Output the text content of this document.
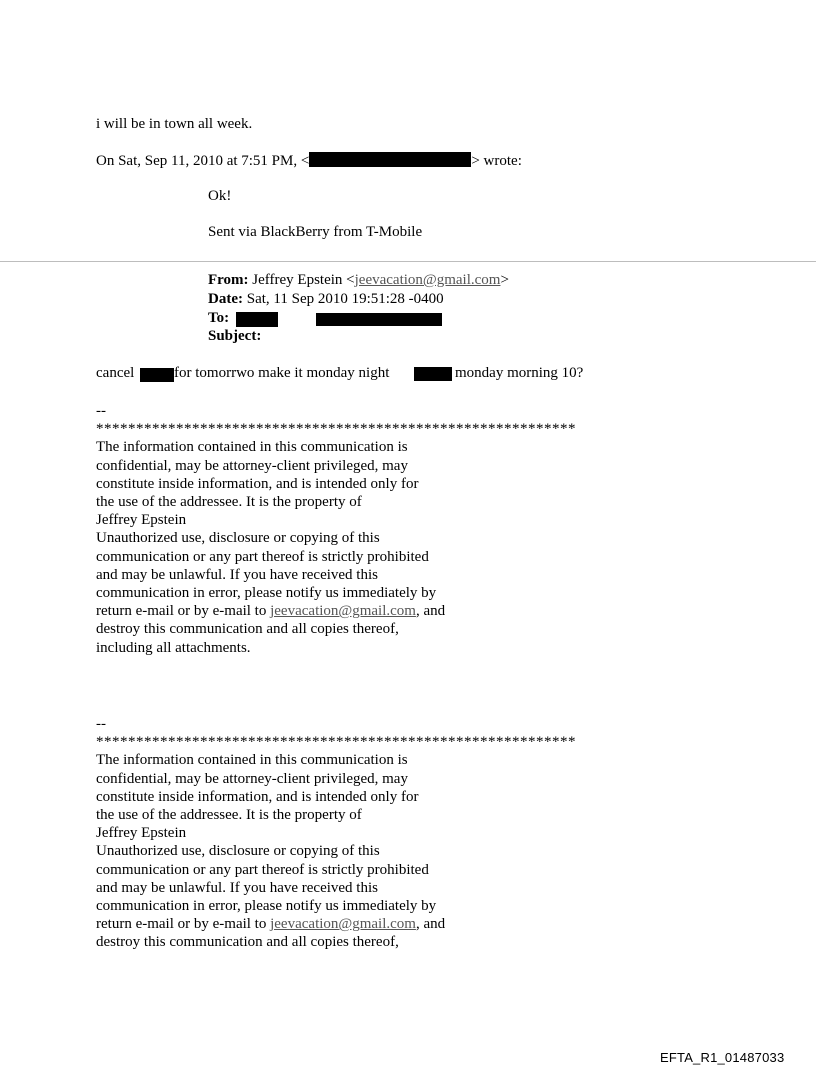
i will be in town all week.
On Sat, Sep 11, 2010 at 7:51 PM, <	> wrote:
Ok!
Sent via BlackBerry from T-Mobile
From: Jeffrey Epstein <jeevacation@gmail.com>
Date: Sat, 11 Sep 2010 19:51:28 -0400
To:
Subject:
cancel	for tomorrwo make it monday night	monday morning 10?
--
************************************************************
The information contained in this communication is
confidential, may be attorney-client privileged, may
constitute inside information, and is intended only for
the use of the addressee. It is the property of
Jeffrey Epstein
Unauthorized use, disclosure or copying of this
communication or any part thereof is strictly prohibited
and may be unlawful. If you have received this
communication in error, please notify us immediately by
return e-mail or by e-mail to jeevacation@gmail.com, and
destroy this communication and all copies thereof,
including all attachments.
--
************************************************************
The information contained in this communication is
confidential, may be attorney-client privileged, may
constitute inside information, and is intended only for
the use of the addressee. It is the property of
Jeffrey Epstein
Unauthorized use, disclosure or copying of this
communication or any part thereof is strictly prohibited
and may be unlawful. If you have received this
communication in error, please notify us immediately by
return e-mail or by e-mail to jeevacation@gmail.com, and
destroy this communication and all copies thereof,
EFTA_R1_01487033
